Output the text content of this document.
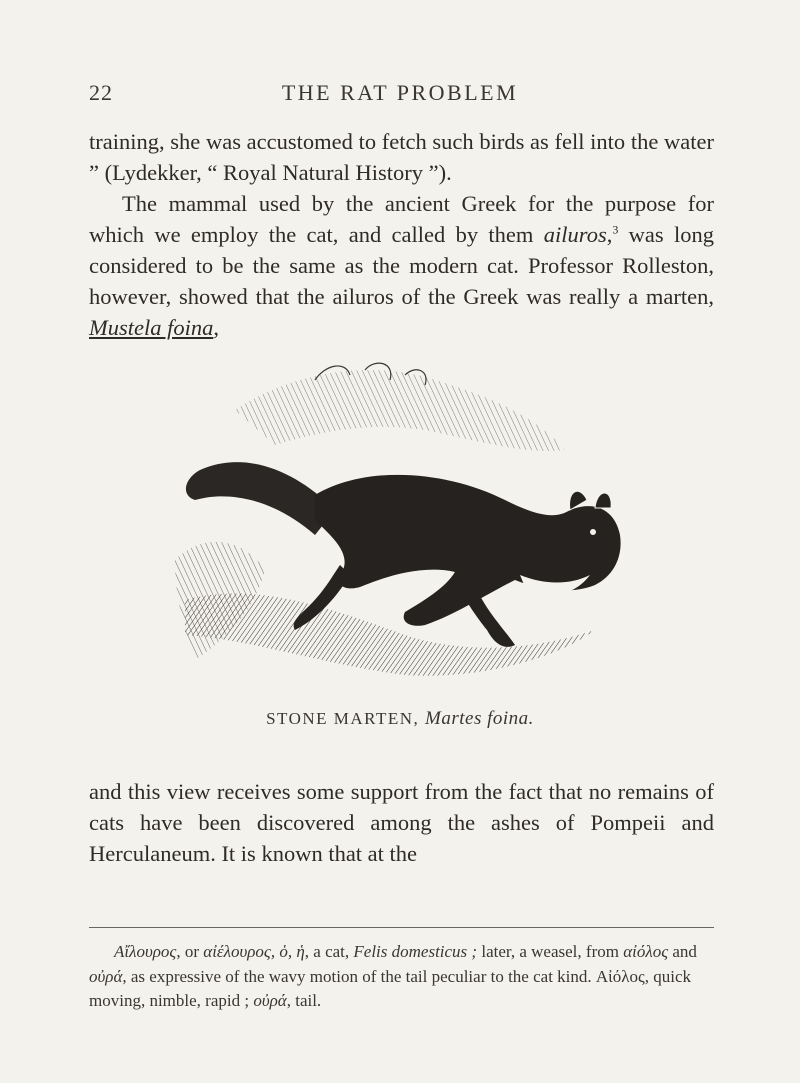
22	THE RAT PROBLEM

training, she was accustomed to fetch such birds as fell into the water ” (Lydekker, “ Royal Natural History ”).

The mammal used by the ancient Greek for the purpose for which we employ the cat, and called by them ailuros,$^3$ was long considered to be the same as the modern cat. Professor Rolleston, however, showed that the ailuros of the Greek was really a marten, Mustela foina,

STONE MARTEN, Martes foina.

and this view receives some support from the fact that no remains of cats have been discovered among the ashes of Pompeii and Herculaneum. It is known that at the

Αἴλουρος, or αἰέλουρος, ὁ, ἡ, a cat, Felis domesticus ; later, a weasel, from αἰόλος and οὐρά, as expressive of the wavy motion of the tail peculiar to the cat kind. Αἰόλος, quick moving, nimble, rapid ; οὐρά, tail.
